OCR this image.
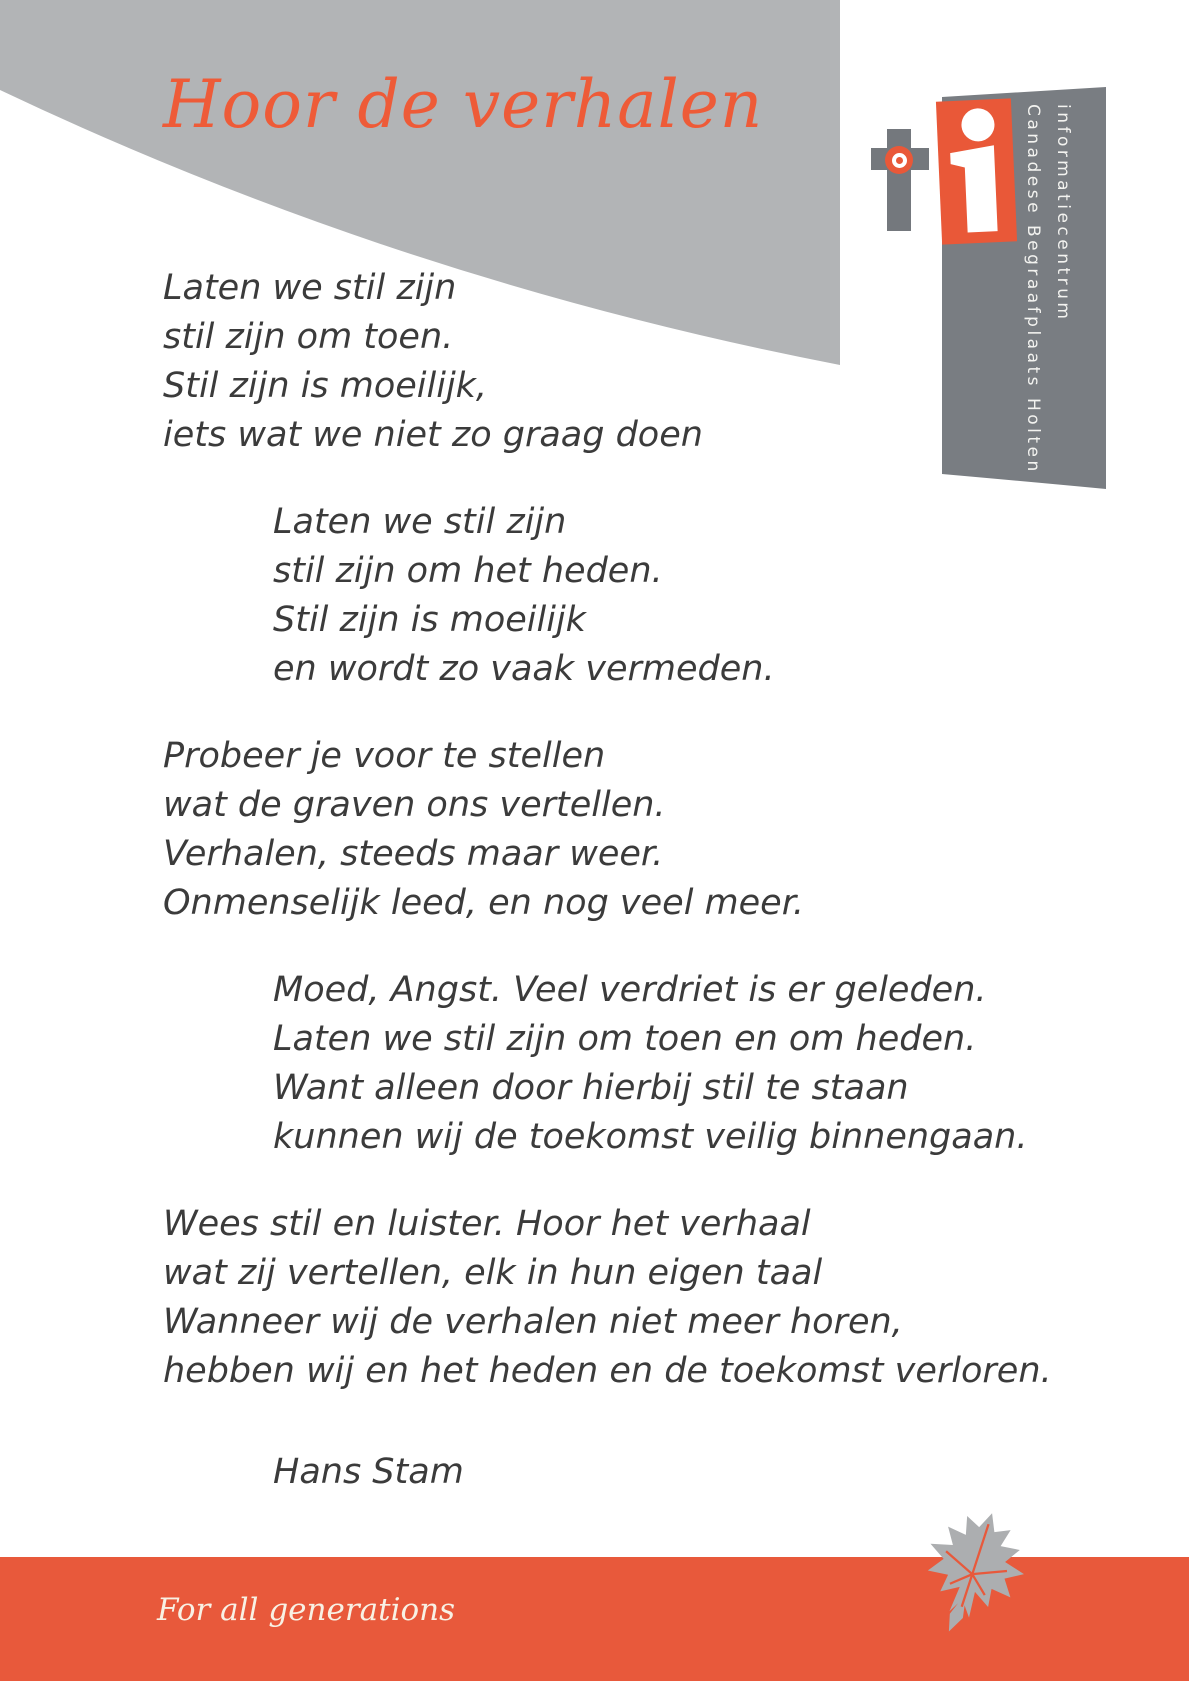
Hoor de verhalen	informatiecentrum
Canadese Begraafplaats Holten
Laten we stil zijn
stil zijn om toen.
Stil zijn is moeilijk,
iets wat we niet zo graag doen
Laten we stil zijn
stil zijn om het heden.
Stil zijn is moeilijk
en wordt zo vaak vermeden.
Probeer je voor te stellen
wat de graven ons vertellen.
Verhalen, steeds maar weer.
Onmenselijk leed, en nog veel meer.
Moed, Angst. Veel verdriet is er geleden.
Laten we stil zijn om toen en om heden.
Want alleen door hierbij stil te staan
kunnen wij de toekomst veilig binnengaan.
Wees stil en luister. Hoor het verhaal
wat zij vertellen, elk in hun eigen taal
Wanneer wij de verhalen niet meer horen,
hebben wij en het heden en de toekomst verloren.
Hans Stam
For all generations
